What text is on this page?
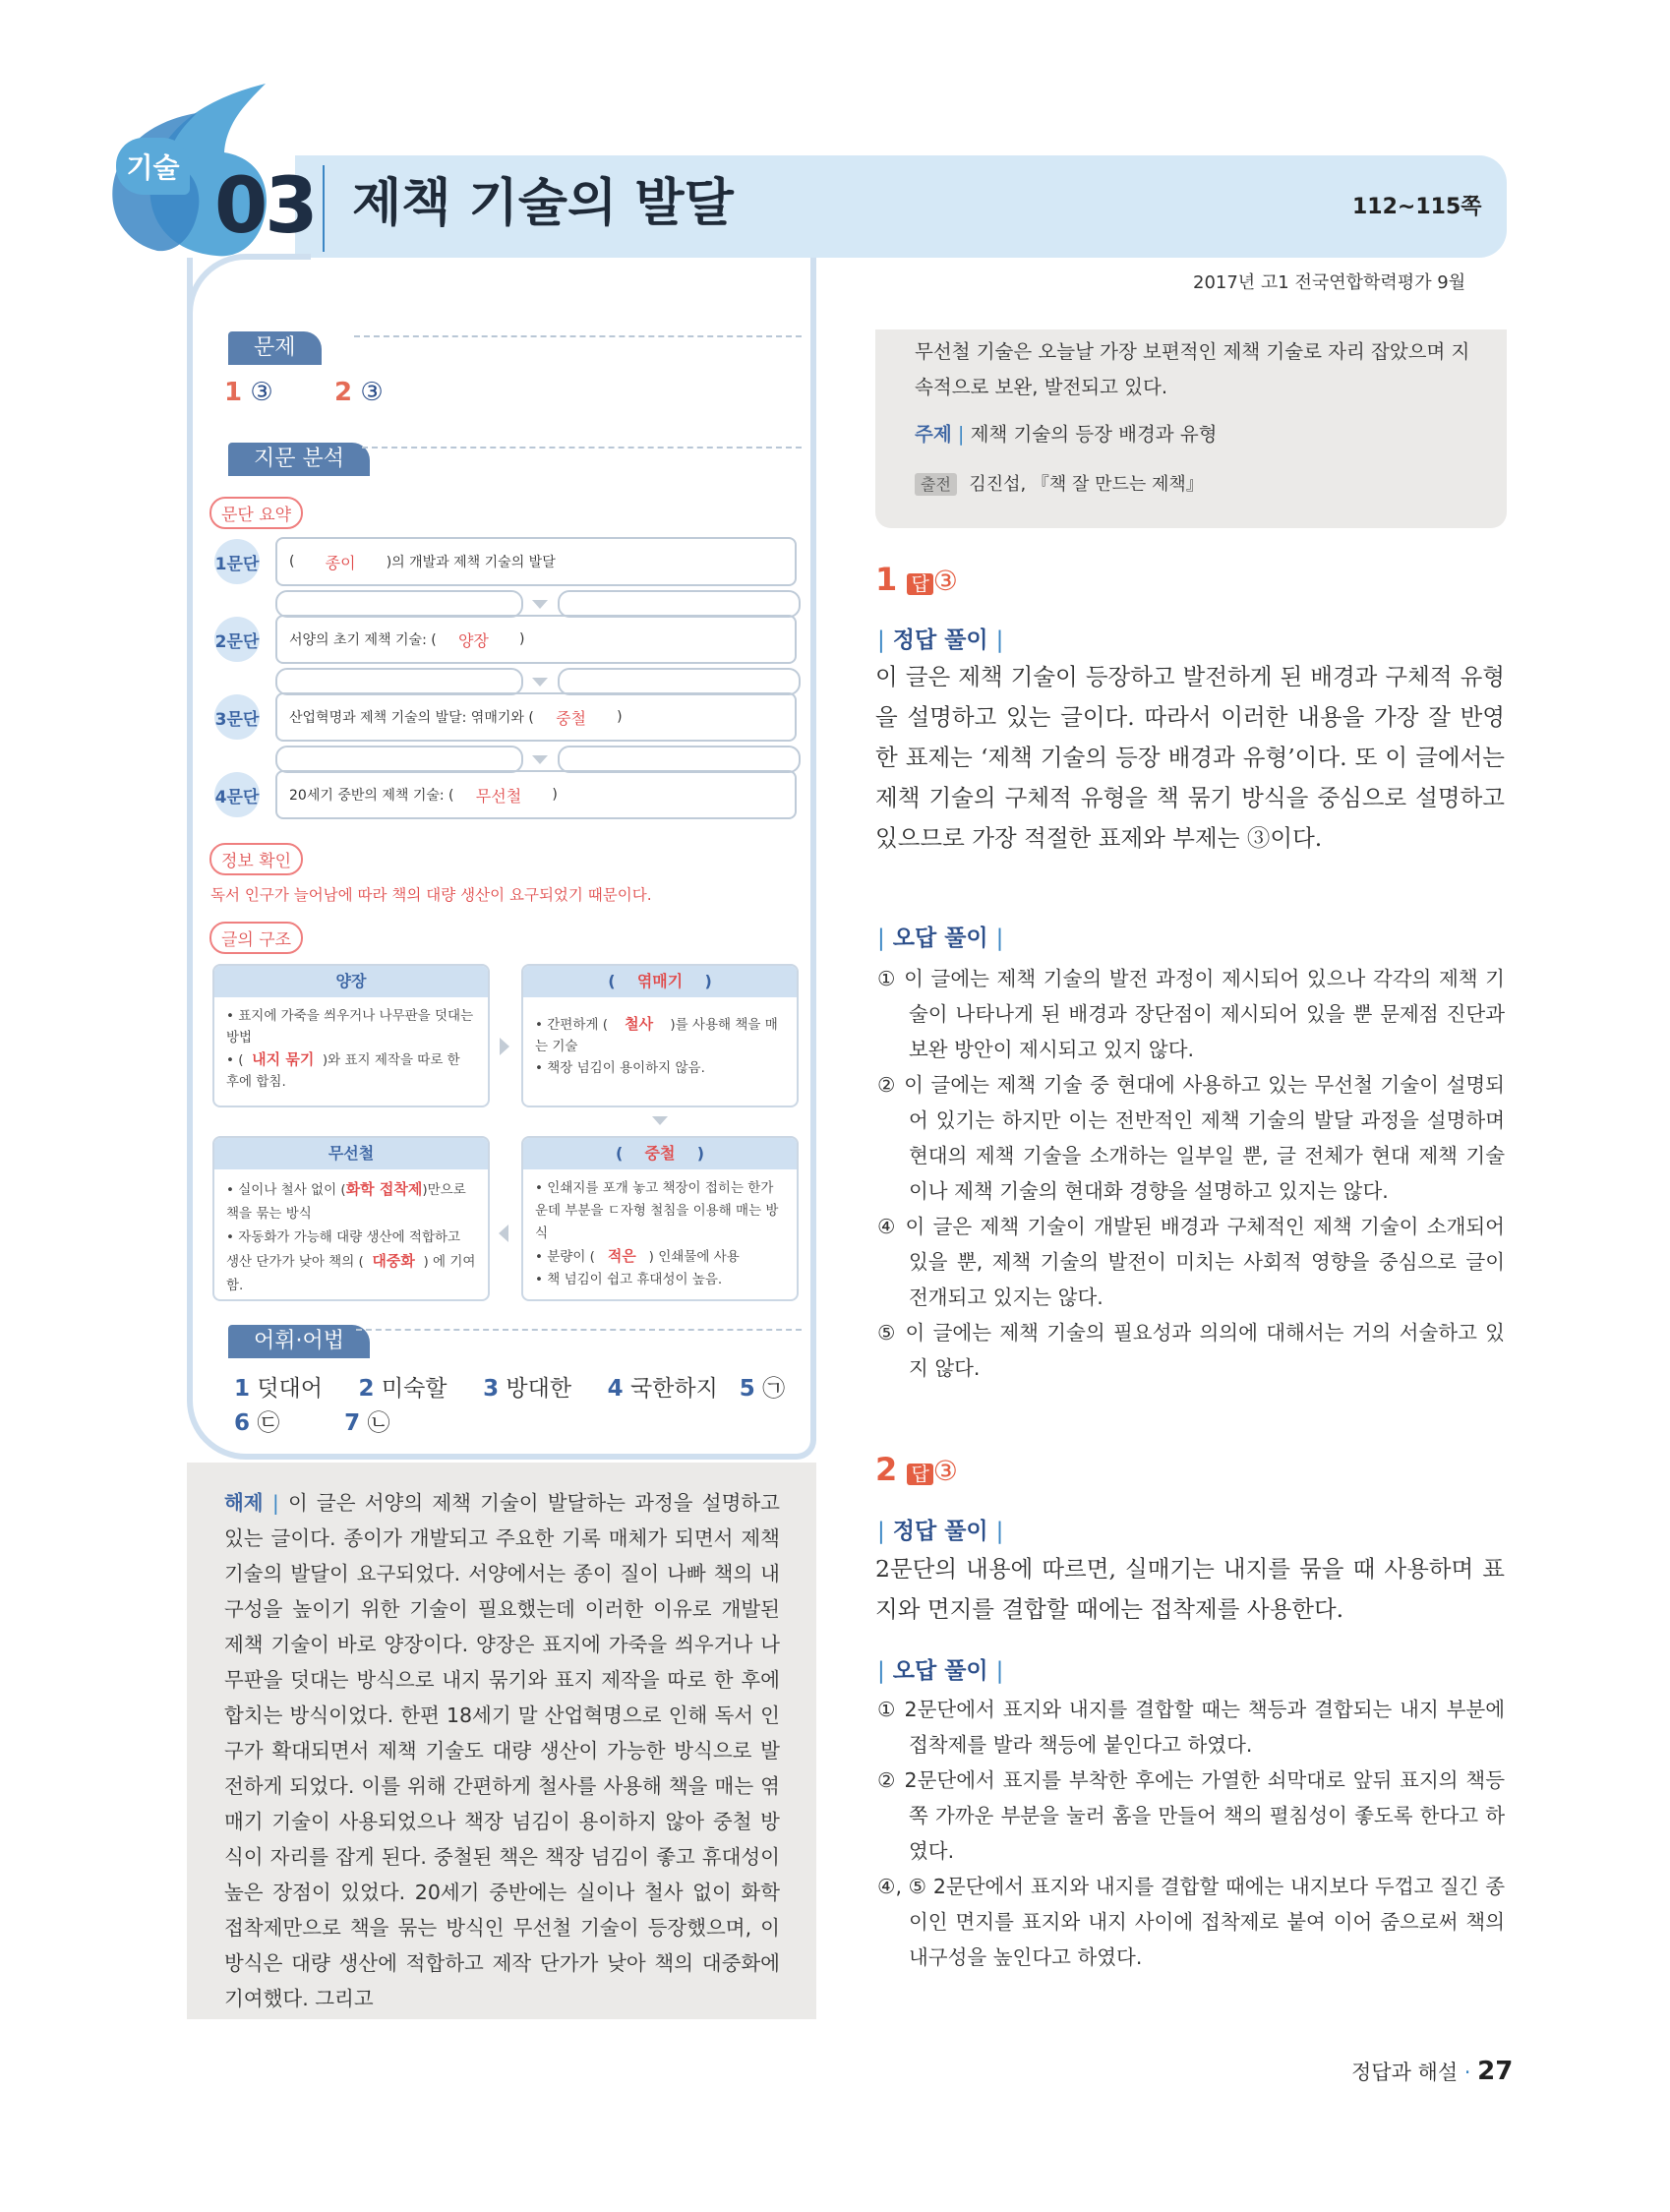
기술 03 제책 기술의 발달	112~115쪽
2017년 고1 전국연합학력평가 9월
문제
1 ③ 2 ③
지문 분석
문단 요약
1문단 (
종이
)의 개발과 제책 기술의 발달
2문단 서양의 초기 제책 기술: (
양장
)
3문단 산업혁명과 제책 기술의 발달: 엮매기와 (
중철
)
4문단 20세기 중반의 제책 기술: (
무선철
)
정보 확인
독서 인구가 늘어남에 따라 책의 대량 생산이 요구되었기 때문이다.
글의 구조
양장
• 표지에 가죽을 씌우거나 나무판을 덧대는 방법
• ( 내지 묶기 )와 표지 제작을 따로 한 후에 합침.
( 엮매기 )
• 간편하게 ( 철사 )를 사용해 책을 매는 기술
• 책장 넘김이 용이하지 않음.
무선철
• 실이나 철사 없이 (화학 접착제)만으로 책을 묶는 방식
• 자동화가 가능해 대량 생산에 적합하고 생산 단가가 낮아 책의 ( 대중화 ) 에 기여함.
( 중철 )
• 인쇄지를 포개 놓고 책장이 접히는 한가운데 부분을 ㄷ자형 철침을 이용해 매는 방식
• 분량이 ( 적은 ) 인쇄물에 사용
• 책 넘김이 쉽고 휴대성이 높음.
어휘·어법
1 덧대어 2 미숙할 3 방대한 4 국한하지 5 ㉠
6 ㉢	7 ㉡
해제 | 이 글은 서양의 제책 기술이 발달하는 과정을 설명하고 있는 글이다. 종이가 개발되고 주요한 기록 매체가 되면서 제책 기술의 발달이 요구되었다. 서양에서는 종이 질이 나빠 책의 내구성을 높이기 위한 기술이 필요했는데 이러한 이유로 개발된 제책 기술이 바로 양장이다. 양장은 표지에 가죽을 씌우거나 나무판을 덧대는 방식으로 내지 묶기와 표지 제작을 따로 한 후에 합치는 방식이었다. 한편 18세기 말 산업혁명으로 인해 독서 인구가 확대되면서 제책 기술도 대량 생산이 가능한 방식으로 발전하게 되었다. 이를 위해 간편하게 철사를 사용해 책을 매는 엮매기 기술이 사용되었으나 책장 넘김이 용이하지 않아 중철 방식이 자리를 잡게 된다. 중철된 책은 책장 넘김이 좋고 휴대성이 높은 장점이 있었다. 20세기 중반에는 실이나 철사 없이 화학 접착제만으로 책을 묶는 방식인 무선철 기술이 등장했으며, 이 방식은 대량 생산에 적합하고 제작 단가가 낮아 책의 대중화에 기여했다. 그리고
무선철 기술은 오늘날 가장 보편적인 제책 기술로 자리 잡았으며 지속적으로 보완, 발전되고 있다.
주제 | 제책 기술의 등장 배경과 유형
출전 김진섭, 『책 잘 만드는 제책』
1 답 ③
| 정답 풀이 |
이 글은 제책 기술이 등장하고 발전하게 된 배경과 구체적 유형을 설명하고 있는 글이다. 따라서 이러한 내용을 가장 잘 반영한 표제는 ‘제책 기술의 등장 배경과 유형’이다. 또 이 글에서는 제책 기술의 구체적 유형을 책 묶기 방식을 중심으로 설명하고 있으므로 가장 적절한 표제와 부제는 ③이다.
| 오답 풀이 |
① 이 글에는 제책 기술의 발전 과정이 제시되어 있으나 각각의 제책 기술이 나타나게 된 배경과 장단점이 제시되어 있을 뿐 문제점 진단과 보완 방안이 제시되고 있지 않다.
② 이 글에는 제책 기술 중 현대에 사용하고 있는 무선철 기술이 설명되어 있기는 하지만 이는 전반적인 제책 기술의 발달 과정을 설명하며 현대의 제책 기술을 소개하는 일부일 뿐, 글 전체가 현대 제책 기술이나 제책 기술의 현대화 경향을 설명하고 있지는 않다.
④ 이 글은 제책 기술이 개발된 배경과 구체적인 제책 기술이 소개되어 있을 뿐, 제책 기술의 발전이 미치는 사회적 영향을 중심으로 글이 전개되고 있지는 않다.
⑤ 이 글에는 제책 기술의 필요성과 의의에 대해서는 거의 서술하고 있지 않다.
2 답 ③
| 정답 풀이 |
2문단의 내용에 따르면, 실매기는 내지를 묶을 때 사용하며 표지와 면지를 결합할 때에는 접착제를 사용한다.
| 오답 풀이 |
① 2문단에서 표지와 내지를 결합할 때는 책등과 결합되는 내지 부분에 접착제를 발라 책등에 붙인다고 하였다.
② 2문단에서 표지를 부착한 후에는 가열한 쇠막대로 앞뒤 표지의 책등 쪽 가까운 부분을 눌러 홈을 만들어 책의 펼침성이 좋도록 한다고 하였다.
④, ⑤ 2문단에서 표지와 내지를 결합할 때에는 내지보다 두껍고 질긴 종이인 면지를 표지와 내지 사이에 접착제로 붙여 이어 줌으로써 책의 내구성을 높인다고 하였다.
정답과 해설 · 27
